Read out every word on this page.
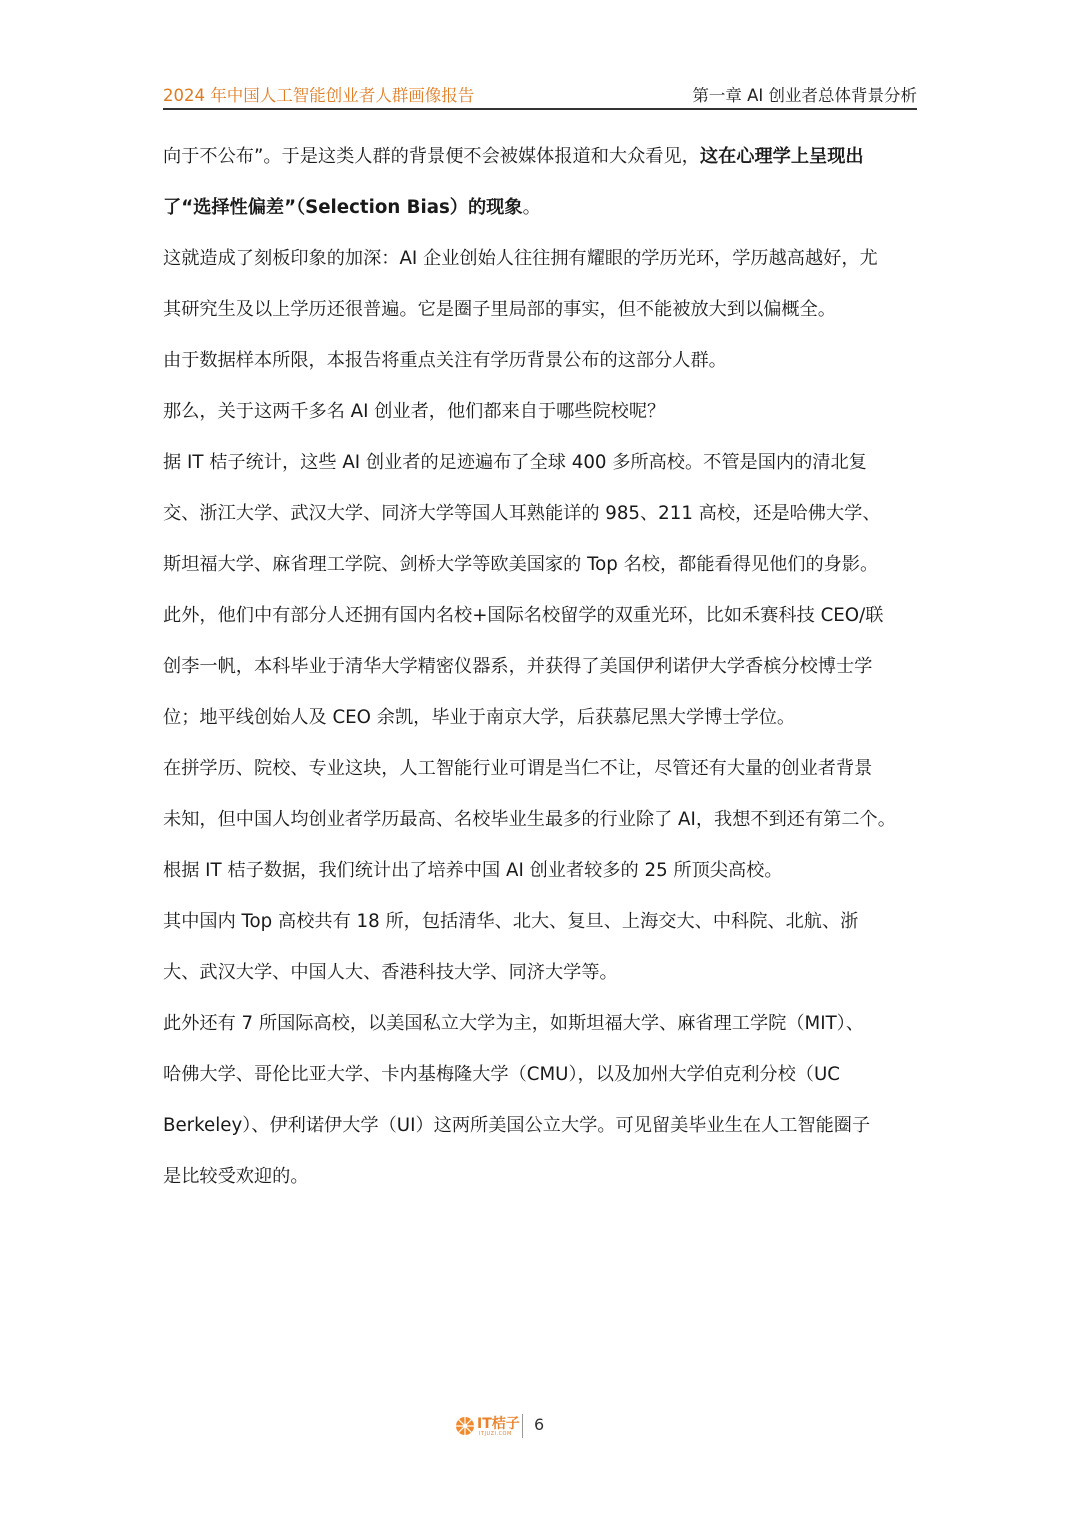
2024 年中国人工智能创业者人群画像报告	第一章 AI 创业者总体背景分析

向于不公布”。于是这类人群的背景便不会被媒体报道和大众看见，这在心理学上呈现出
了“选择性偏差”（Selection Bias）的现象。

这就造成了刻板印象的加深：AI 企业创始人往往拥有耀眼的学历光环，学历越高越好，尤
其研究生及以上学历还很普遍。它是圈子里局部的事实，但不能被放大到以偏概全。

由于数据样本所限，本报告将重点关注有学历背景公布的这部分人群。

那么，关于这两千多名 AI 创业者，他们都来自于哪些院校呢？

据 IT 桔子统计，这些 AI 创业者的足迹遍布了全球 400 多所高校。不管是国内的清北复
交、浙江大学、武汉大学、同济大学等国人耳熟能详的 985、211 高校，还是哈佛大学、
斯坦福大学、麻省理工学院、剑桥大学等欧美国家的 Top 名校，都能看得见他们的身影。

此外，他们中有部分人还拥有国内名校+国际名校留学的双重光环，比如禾赛科技 CEO/联
创李一帆，本科毕业于清华大学精密仪器系，并获得了美国伊利诺伊大学香槟分校博士学
位；地平线创始人及 CEO 余凯，毕业于南京大学，后获慕尼黑大学博士学位。

在拼学历、院校、专业这块，人工智能行业可谓是当仁不让，尽管还有大量的创业者背景
未知，但中国人均创业者学历最高、名校毕业生最多的行业除了 AI，我想不到还有第二个。

根据 IT 桔子数据，我们统计出了培养中国 AI 创业者较多的 25 所顶尖高校。

其中国内 Top 高校共有 18 所，包括清华、北大、复旦、上海交大、中科院、北航、浙
大、武汉大学、中国人大、香港科技大学、同济大学等。

此外还有 7 所国际高校，以美国私立大学为主，如斯坦福大学、麻省理工学院（MIT）、
哈佛大学、哥伦比亚大学、卡内基梅隆大学（CMU），以及加州大学伯克利分校（UC
Berkeley）、伊利诺伊大学（UI）这两所美国公立大学。可见留美毕业生在人工智能圈子
是比较受欢迎的。

IT桔子
ITJUZI.COM 6
